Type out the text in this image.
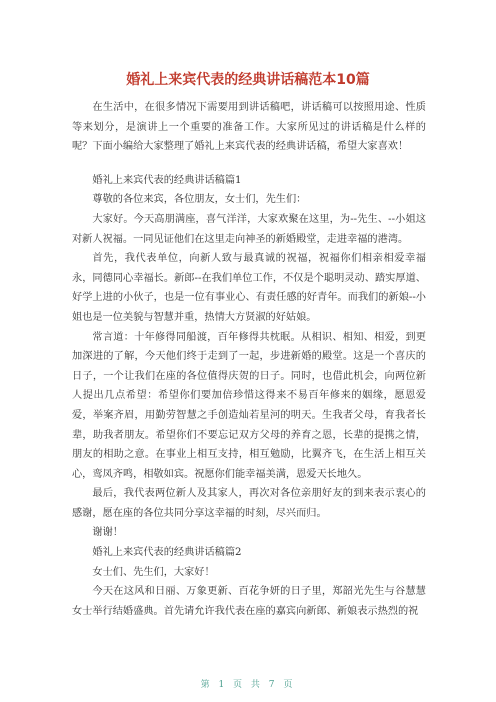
婚礼上来宾代表的经典讲话稿范本10篇

在生活中，在很多情况下需要用到讲话稿吧，讲话稿可以按照用途、性质等来划分，是演讲上一个重要的准备工作。大家所见过的讲话稿是什么样的呢？下面小编给大家整理了婚礼上来宾代表的经典讲话稿，希望大家喜欢！

婚礼上来宾代表的经典讲话稿篇1

尊敬的各位来宾，各位朋友，女士们，先生们：

大家好。今天高朋满座，喜气洋洋，大家欢聚在这里，为--先生、--小姐这对新人祝福。一同见证他们在这里走向神圣的新婚殿堂，走进幸福的港湾。

首先，我代表单位，向新人致与最真诚的祝福，祝福你们相亲相爱幸福永，同德同心幸福长。新郎--在我们单位工作，不仅是个聪明灵动、踏实厚道、好学上进的小伙子，也是一位有事业心、有责任感的好青年。而我们的新娘--小姐也是一位美貌与智慧并重，热情大方贤淑的好姑娘。

常言道：十年修得同船渡，百年修得共枕眠。从相识、相知、相爱，到更加深进的了解，今天他们终于走到了一起，步进新婚的殿堂。这是一个喜庆的日子，一个让我们在座的各位值得庆贺的日子。同时，也借此机会，向两位新人提出几点希望：希望你们要加倍珍惜这得来不易百年修来的姻缘，愿恩爱爱，举案齐眉，用勤劳智慧之手创造灿若星河的明天。生我者父母，育我者长辈，助我者朋友。希望你们不要忘记双方父母的养育之恩，长辈的提携之情，朋友的相助之意。在事业上相互支持，相互勉励，比翼齐飞，在生活上相互关心，鸾凤齐鸣，相敬如宾。祝愿你们能幸福美满，恩爱天长地久。

最后，我代表两位新人及其家人，再次对各位亲朋好友的到来表示衷心的感谢，愿在座的各位共同分享这幸福的时刻，尽兴而归。

谢谢！

婚礼上来宾代表的经典讲话稿篇2

女士们、先生们，大家好！

今天在这风和日丽、万象更新、百花争妍的日子里，郑韶光先生与谷慧慧女士举行结婚盛典。首先请允许我代表在座的嘉宾向新郎、新娘表示热烈的祝

第 1 页 共 7 页
